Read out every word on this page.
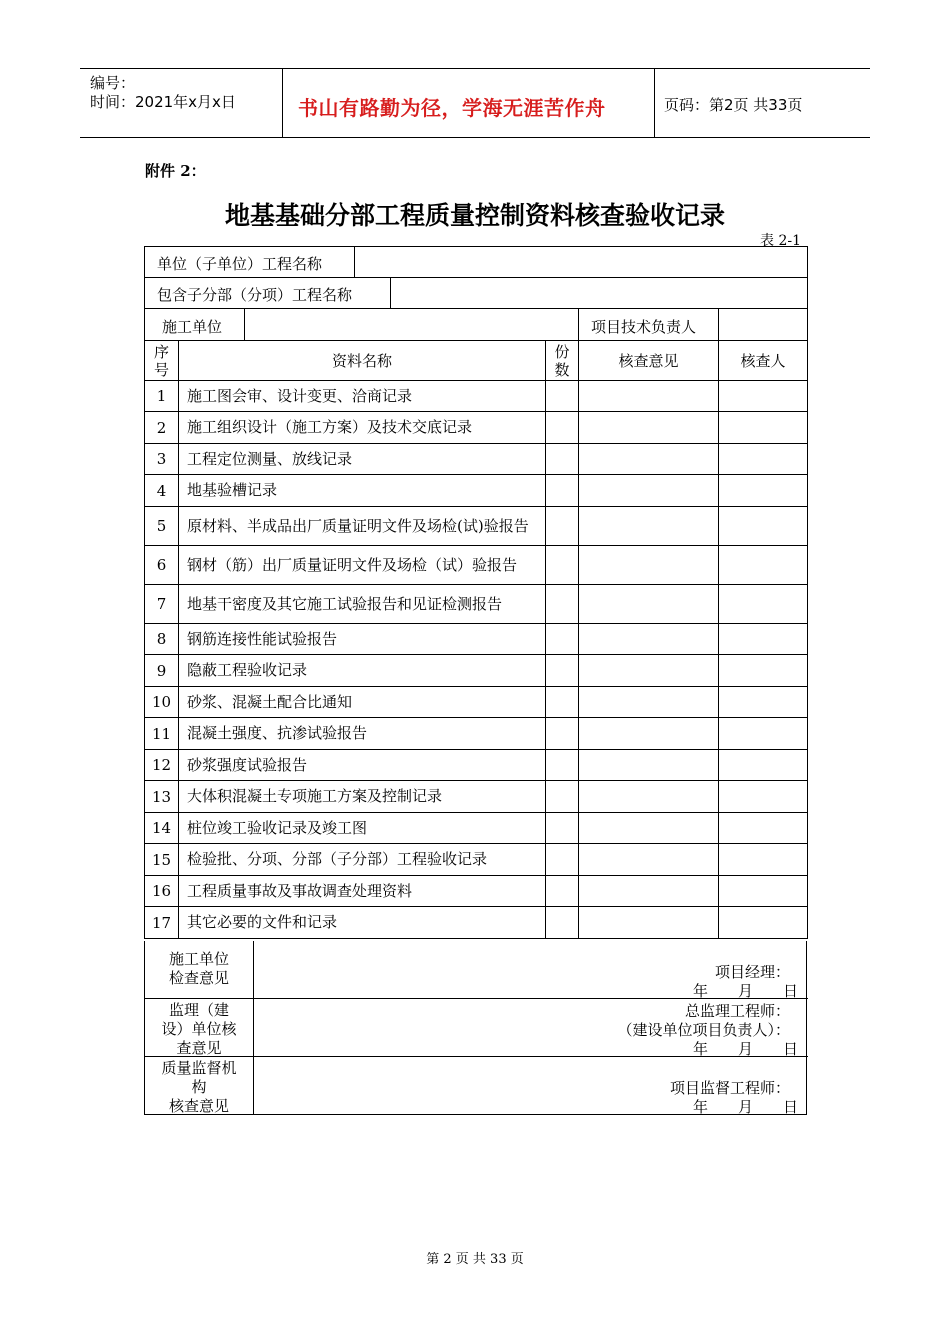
编号：
时间：2021年x月x日	书山有路勤为径，学海无涯苦作舟	页码：第2页 共33页
附件 2：
地基基础分部工程质量控制资料核查验收记录
表 2-1
单位（子单位）工程名称				

包含子分部（分项）工程名称				

施工单位 项目技术负责人				

序号	资料名称	份数	核查意见	核查人
1	施工图会审、设计变更、洽商记录			
2	施工组织设计（施工方案）及技术交底记录			
3	工程定位测量、放线记录			
4	地基验槽记录			
5	原材料、半成品出厂质量证明文件及场检(试)验报告			
6	钢材（筋）出厂质量证明文件及场检（试）验报告			
7	地基干密度及其它施工试验报告和见证检测报告			
8	钢筋连接性能试验报告			
9	隐蔽工程验收记录			
10	砂浆、混凝土配合比通知			
11	混凝土强度、抗渗试验报告			
12	砂浆强度试验报告			
13	大体积混凝土专项施工方案及控制记录			
14	桩位竣工验收记录及竣工图			
15	检验批、分项、分部（子分部）工程验收记录			
16	工程质量事故及事故调查处理资料			
17	其它必要的文件和记录			
施工单位
检查意见	项目经理：
年　　月　　日
监理（建
设）单位核
查意见
总监理工程师：
（建设单位项目负责人）：
年　　月　　日
质量监督机
构
核查意见
项目监督工程师：
年　　月　　日
第 2 页 共 33 页
